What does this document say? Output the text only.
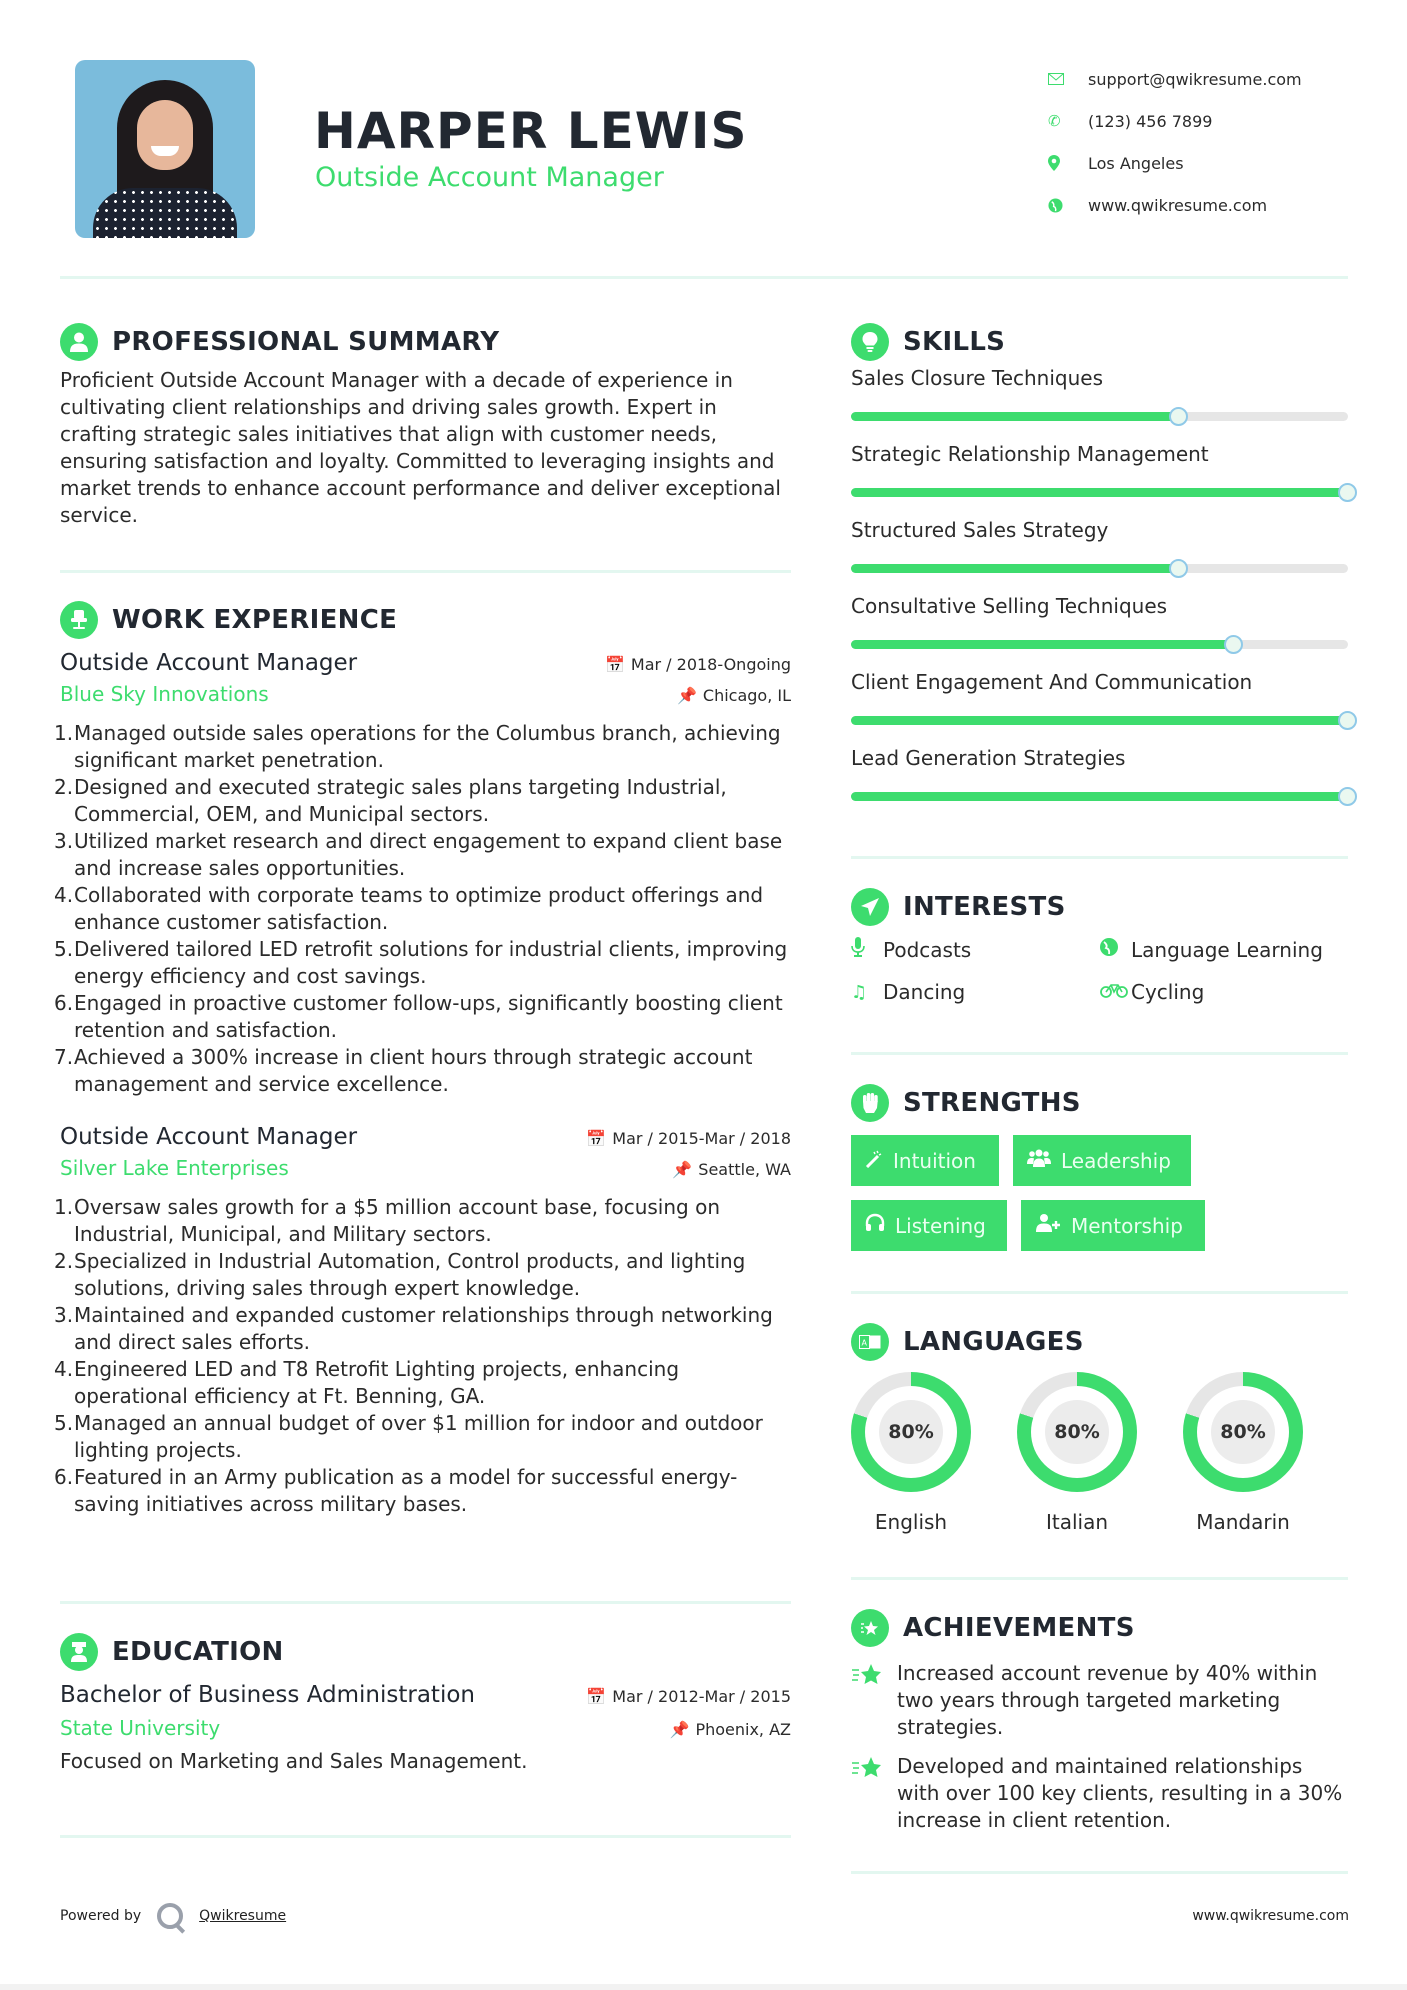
HARPER LEWIS
Outside Account Manager
support@qwikresume.com
✆	(123) 456 7899
Los Angeles
www.qwikresume.com
PROFESSIONAL SUMMARY

Proficient Outside Account Manager with a decade of experience in cultivating client relationships and driving sales growth. Expert in crafting strategic sales initiatives that align with customer needs, ensuring satisfaction and loyalty. Committed to leveraging insights and market trends to enhance account performance and deliver exceptional service.

WORK EXPERIENCE
Outside Account Manager	📅 Mar / 2018-Ongoing
Blue Sky Innovations	📌 Chicago, IL
1. Managed outside sales operations for the Columbus branch, achieving significant market penetration.
2. Designed and executed strategic sales plans targeting Industrial, Commercial, OEM, and Municipal sectors.
3. Utilized market research and direct engagement to expand client base and increase sales opportunities.
4. Collaborated with corporate teams to optimize product offerings and enhance customer satisfaction.
5. Delivered tailored LED retrofit solutions for industrial clients, improving energy efficiency and cost savings.
6. Engaged in proactive customer follow-ups, significantly boosting client retention and satisfaction.
7. Achieved a 300% increase in client hours through strategic account management and service excellence.
Outside Account Manager	📅 Mar / 2015-Mar / 2018
Silver Lake Enterprises	📌 Seattle, WA
1. Oversaw sales growth for a $5 million account base, focusing on Industrial, Municipal, and Military sectors.
2. Specialized in Industrial Automation, Control products, and lighting solutions, driving sales through expert knowledge.
3. Maintained and expanded customer relationships through networking and direct sales efforts.
4. Engineered LED and T8 Retrofit Lighting projects, enhancing operational efficiency at Ft. Benning, GA.
5. Managed an annual budget of over $1 million for indoor and outdoor lighting projects.
6. Featured in an Army publication as a model for successful energy-saving initiatives across military bases.
EDUCATION
Bachelor of Business Administration	📅 Mar / 2012-Mar / 2015
State University	📌 Phoenix, AZ

Focused on Marketing and Sales Management.

SKILLS
Sales Closure Techniques
Strategic Relationship Management
Structured Sales Strategy
Consultative Selling Techniques
Client Engagement And Communication
Lead Generation Strategies
INTERESTS
Podcasts	Language Learning
♫ Dancing	Cycling
STRENGTHS
Intuition	Leadership
Listening	Mentorship
A LANGUAGES
80%
English
80%
Italian
80%
Mandarin
ACHIEVEMENTS
Increased account revenue by 40% within two years through targeted marketing strategies.
Developed and maintained relationships with over 100 key clients, resulting in a 30% increase in client retention.
Powered by	Qwikresume	www.qwikresume.com
